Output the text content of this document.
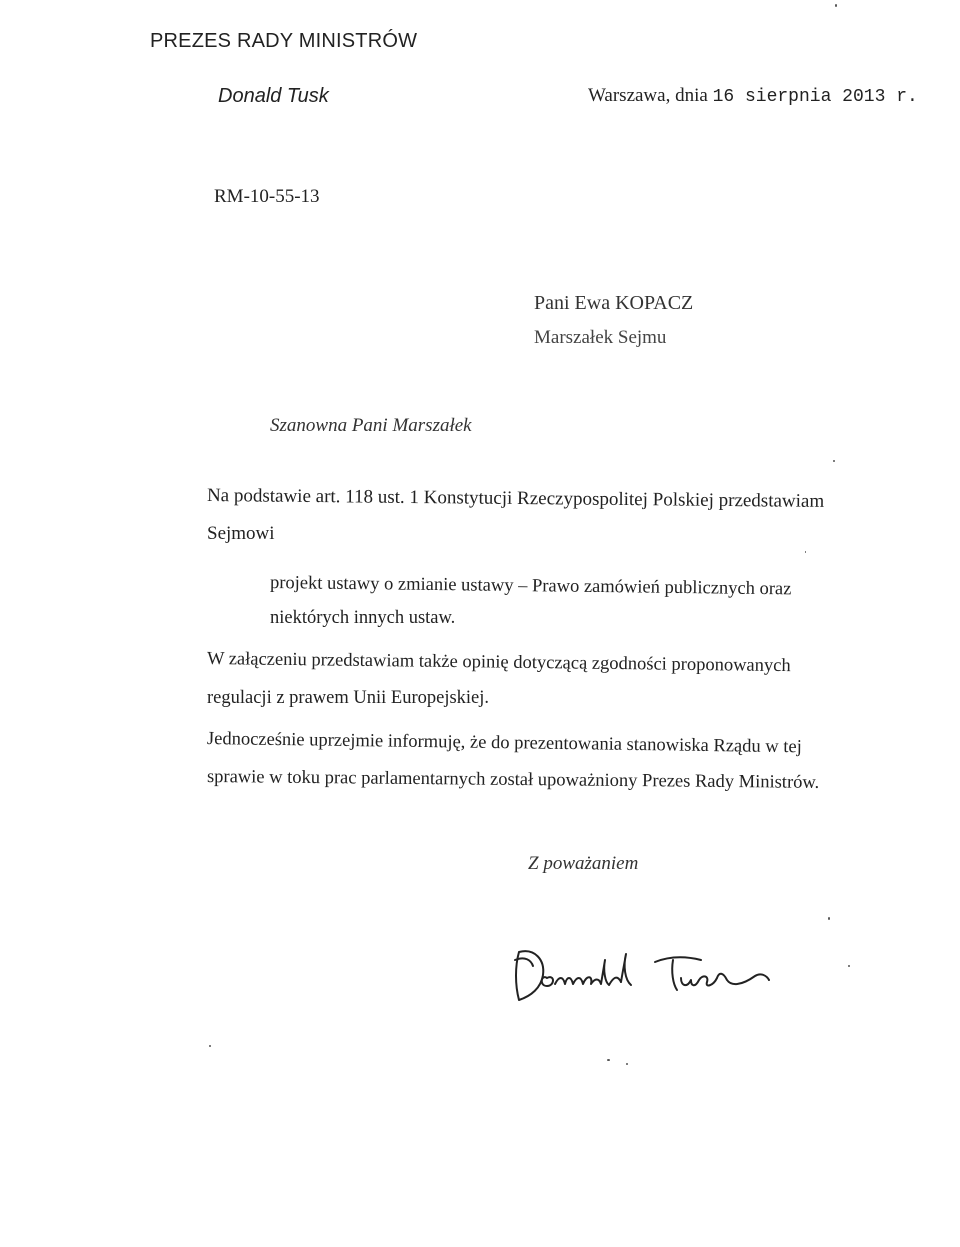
PREZES RADY MINISTRÓW
Donald Tusk	Warszawa, dnia 16 sierpnia 2013 r.
RM-10-55-13
Pani Ewa KOPACZ
Marszałek Sejmu
Szanowna Pani Marszałek
Na podstawie art. 118 ust. 1 Konstytucji Rzeczypospolitej Polskiej przedstawiam
Sejmowi
projekt ustawy o zmianie ustawy – Prawo zamówień publicznych oraz
niektórych innych ustaw.
W załączeniu przedstawiam także opinię dotyczącą zgodności proponowanych
regulacji z prawem Unii Europejskiej.
Jednocześnie uprzejmie informuję, że do prezentowania stanowiska Rządu w tej
sprawie w toku prac parlamentarnych został upoważniony Prezes Rady Ministrów.
Z poważaniem
